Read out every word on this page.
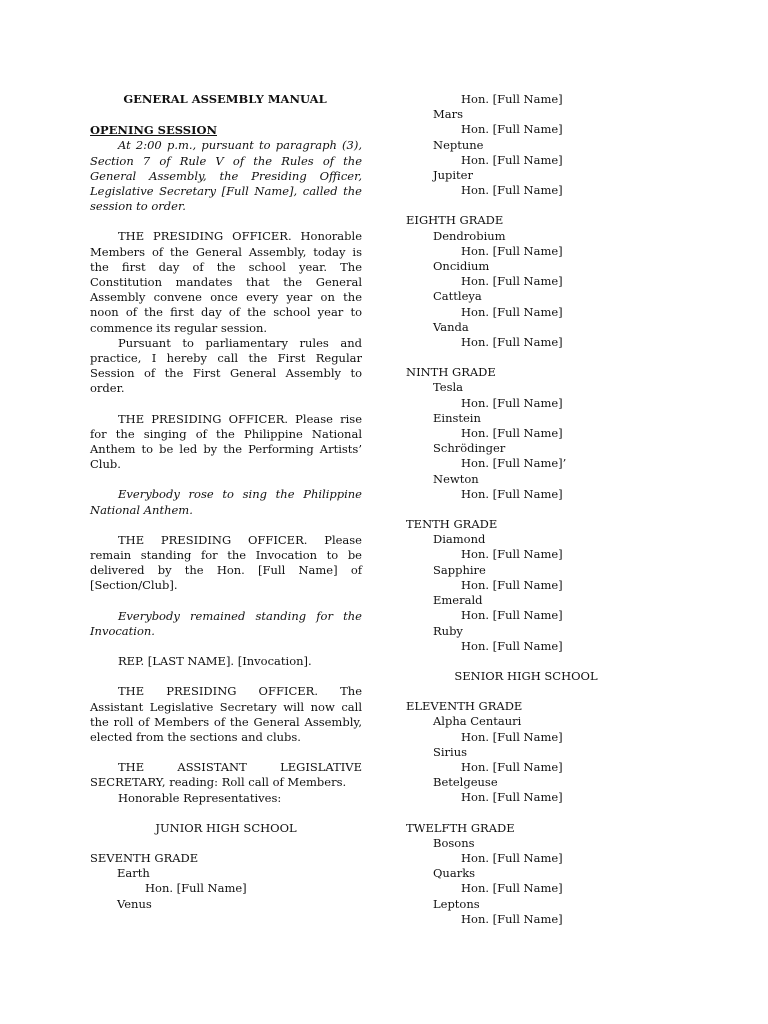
GENERAL ASSEMBLY MANUAL

OPENING SESSION

At 2:00 p.m., pursuant to paragraph (3), Section 7 of Rule V of the Rules of the General Assembly, the Presiding Officer, Legislative Secretary [Full Name], called the session to order.

THE PRESIDING OFFICER. Honorable Members of the General Assembly, today is the first day of the school year. The Constitution mandates that the General Assembly convene once every year on the noon of the first day of the school year to commence its regular session.

Pursuant to parliamentary rules and practice, I hereby call the First Regular Session of the First General Assembly to order.

THE PRESIDING OFFICER. Please rise for the singing of the Philippine National Anthem to be led by the Performing Artists’ Club.

Everybody rose to sing the Philippine National Anthem.

THE PRESIDING OFFICER. Please remain standing for the Invocation to be delivered by the Hon. [Full Name] of [Section/Club].

Everybody remained standing for the Invocation.

REP. [LAST NAME]. [Invocation].

THE PRESIDING OFFICER. The Assistant Legislative Secretary will now call the roll of Members of the General Assembly, elected from the sections and clubs.

THE ASSISTANT LEGISLATIVE

SECRETARY, reading: Roll call of Members.

Honorable Representatives:

JUNIOR HIGH SCHOOL

SEVENTH GRADE

Earth

Hon. [Full Name]

Venus

Hon. [Full Name]

Mars

Hon. [Full Name]

Neptune

Hon. [Full Name]

Jupiter

Hon. [Full Name]

EIGHTH GRADE

Dendrobium

Hon. [Full Name]

Oncidium

Hon. [Full Name]

Cattleya

Hon. [Full Name]

Vanda

Hon. [Full Name]

NINTH GRADE

Tesla

Hon. [Full Name]

Einstein

Hon. [Full Name]

Schrödinger

Hon. [Full Name]’

Newton

Hon. [Full Name]

TENTH GRADE

Diamond

Hon. [Full Name]

Sapphire

Hon. [Full Name]

Emerald

Hon. [Full Name]

Ruby

Hon. [Full Name]

SENIOR HIGH SCHOOL

ELEVENTH GRADE

Alpha Centauri

Hon. [Full Name]

Sirius

Hon. [Full Name]

Betelgeuse

Hon. [Full Name]

TWELFTH GRADE

Bosons

Hon. [Full Name]

Quarks

Hon. [Full Name]

Leptons

Hon. [Full Name]
